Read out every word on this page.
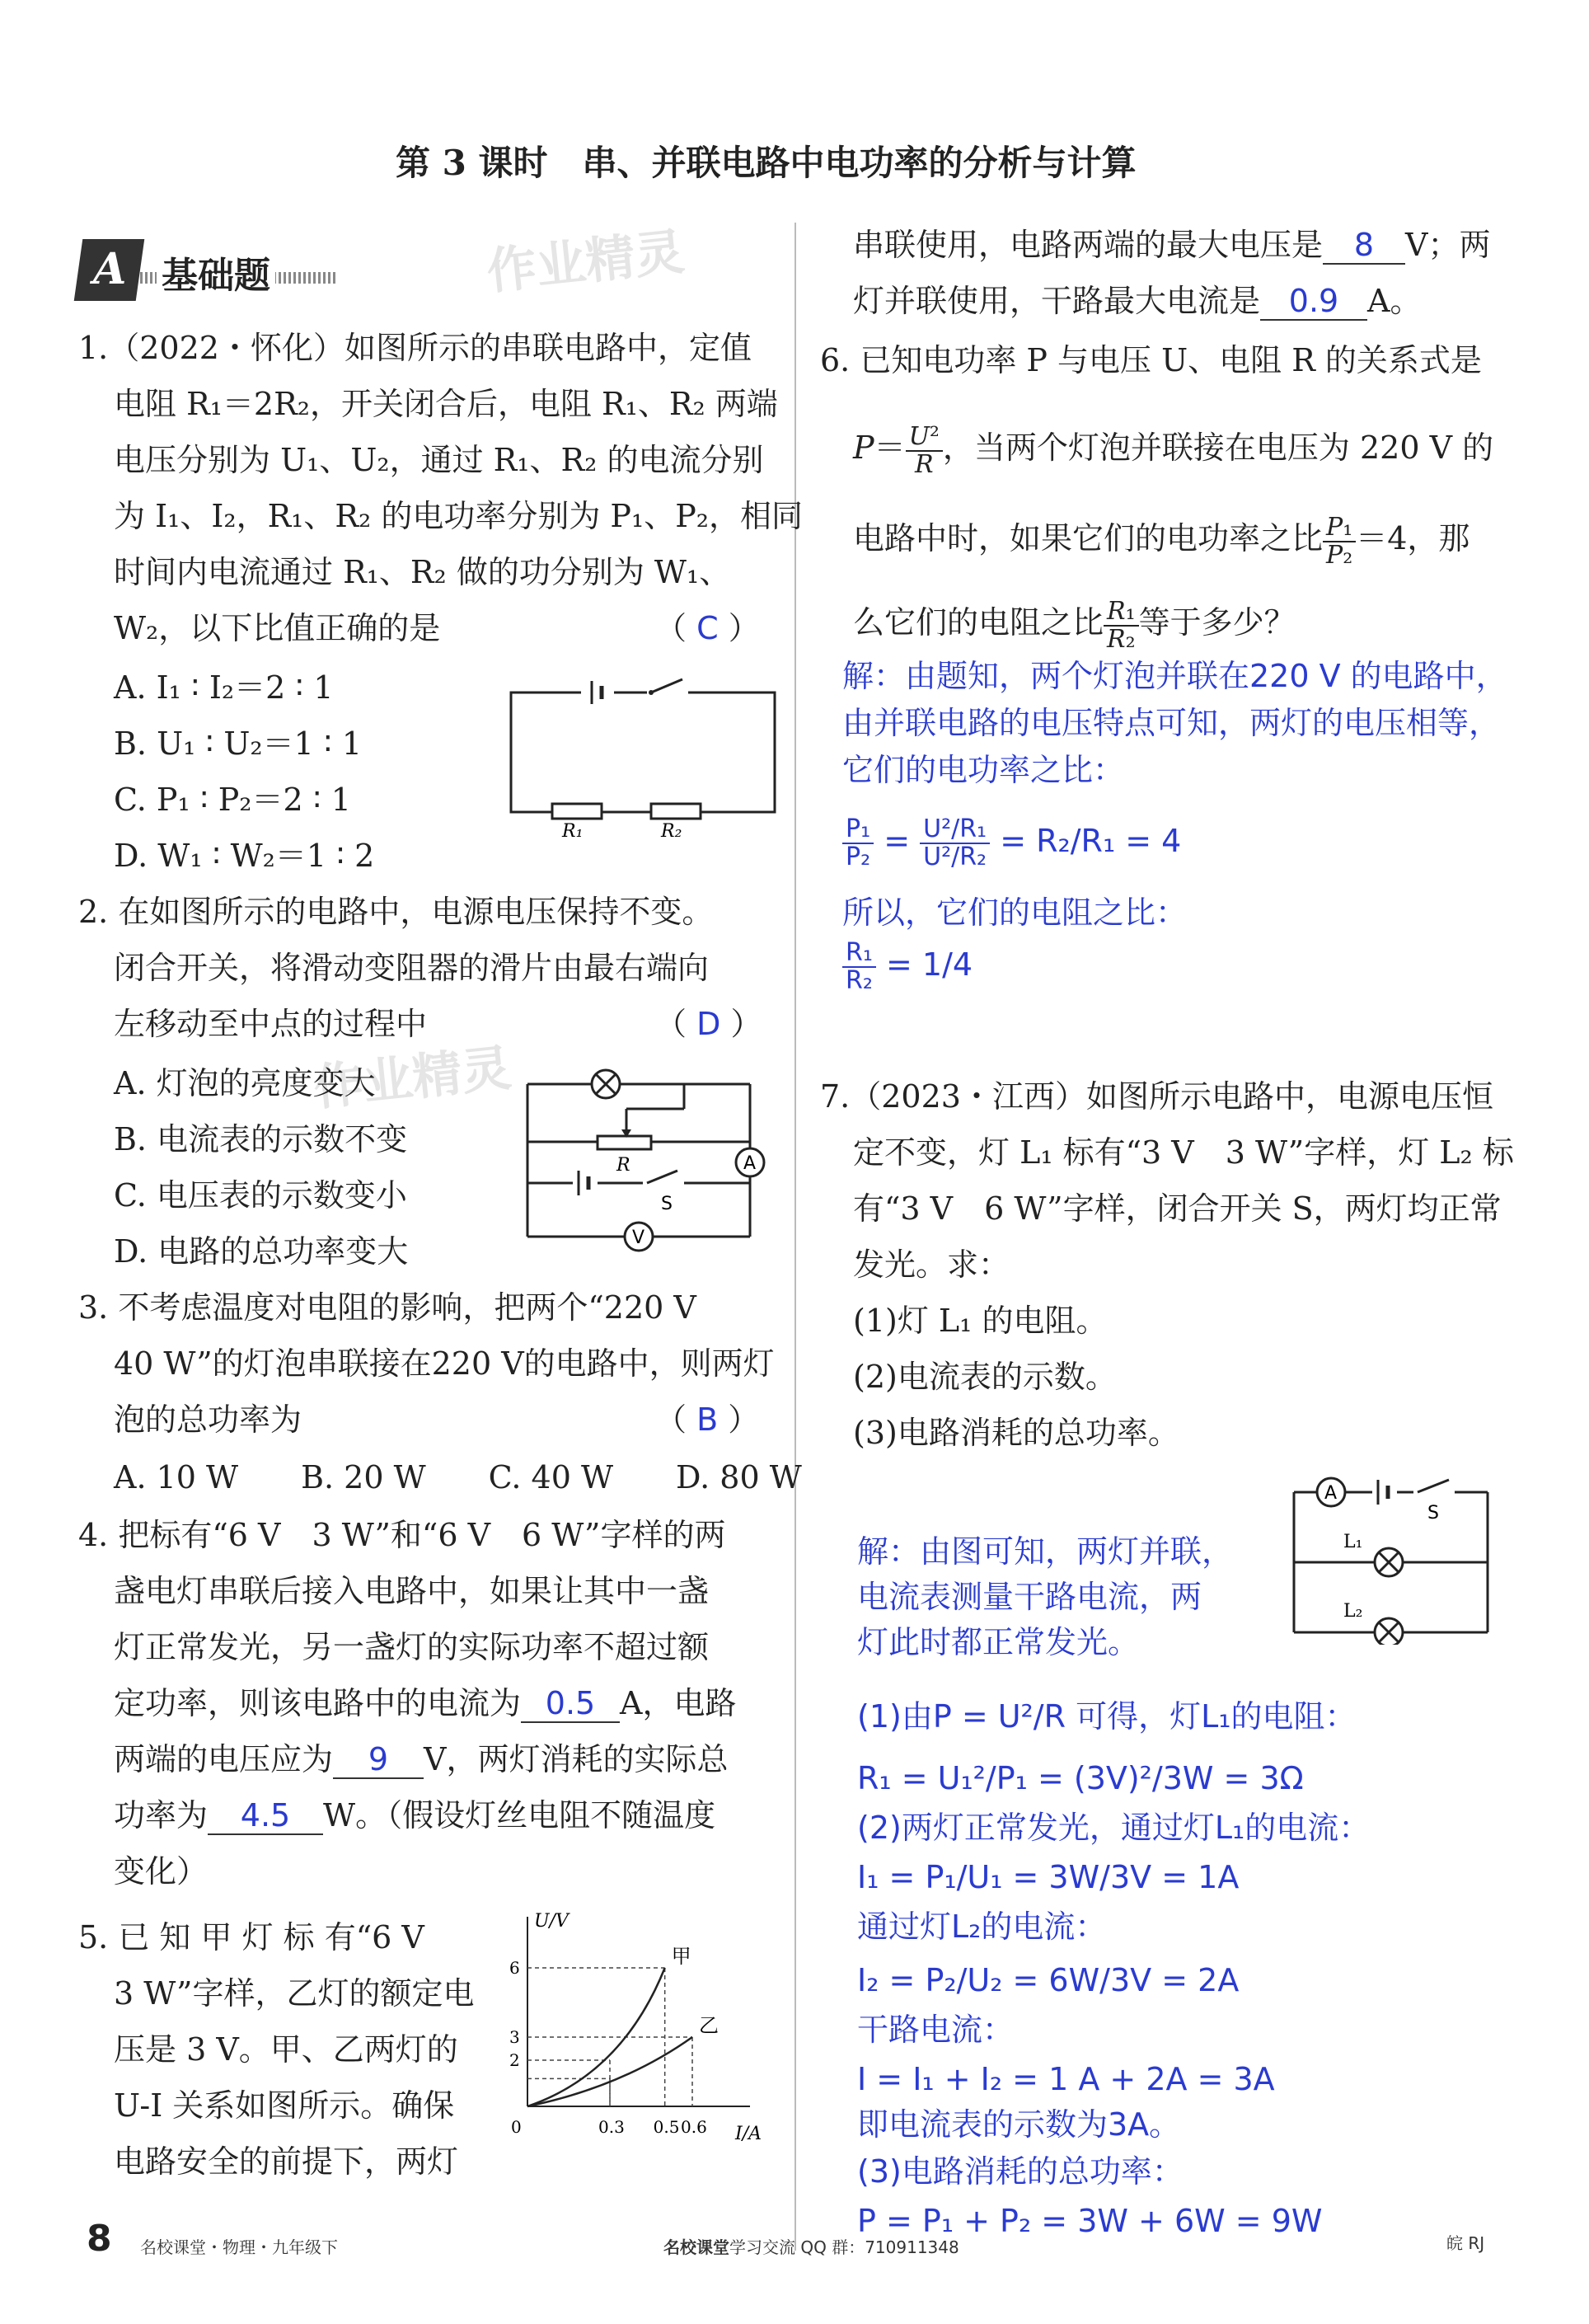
第 3 课时　串、并联电路中电功率的分析与计算
作业精灵
作业精灵
A 基础题
1.（2022・怀化）如图所示的串联电路中，定值
电阻 R₁＝2R₂，开关闭合后，电阻 R₁、R₂ 两端
电压分别为 U₁、U₂，通过 R₁、R₂ 的电流分别
为 I₁、I₂，R₁、R₂ 的电功率分别为 P₁、P₂，相同
时间内电流通过 R₁、R₂ 做的功分别为 W₁、
W₂，以下比值正确的是	（ C ）
A. I₁ ∶ I₂＝2 ∶ 1
B. U₁ ∶ U₂＝1 ∶ 1
C. P₁ ∶ P₂＝2 ∶ 1
D. W₁ ∶ W₂＝1 ∶ 2
R₁	R₂
2. 在如图所示的电路中，电源电压保持不变。
闭合开关，将滑动变阻器的滑片由最右端向
左移动至中点的过程中	（ D ）
A. 灯泡的亮度变大
B. 电流表的示数不变
C. 电压表的示数变小
D. 电路的总功率变大
R	A
S
V
3. 不考虑温度对电阻的影响，把两个“220 V
40 W”的灯泡串联接在220 V的电路中，则两灯
泡的总功率为	（ B ）
A. 10 W　　B. 20 W　　C. 40 W　　D. 80 W
4. 把标有“6 V　3 W”和“6 V　6 W”字样的两
盏电灯串联后接入电路中，如果让其中一盏
灯正常发光，另一盏灯的实际功率不超过额
定功率，则该电路中的电流为 0.5 A，电路
两端的电压应为 9 V，两灯消耗的实际总
功率为 4.5 W。（假设灯丝电阻不随温度
变化）
5. 已 知 甲 灯 标 有“6 V
3 W”字样，乙灯的额定电
压是 3 V。甲、乙两灯的
U-I 关系如图所示。确保
电路安全的前提下，两灯
U/V
I/A
6
3
2
0	0.3 0.5 0.6
甲
乙
串联使用，电路两端的最大电压是 8 V；两
灯并联使用，干路最大电流是 0.9 A。
6. 已知电功率 P 与电压 U、电阻 R 的关系式是
$P= \frac{\text{U²}}{R}$ ，当两个灯泡并联接在电压为 220 V 的
电路中时，如果它们的电功率之比 $\frac{\text{P₁}}{\text{P₂}} =4$，那
么它们的电阻之比 $\frac{\text{R₁}}{\text{R₂}}$ 等于多少？
解：由题知，两个灯泡并联在220 V 的电路中，
由并联电路的电压特点可知，两灯的电压相等，
它们的电功率之比：
$\frac{\text{P₁}}{\text{P₂}} = \frac{\text{U²/R₁}}{\text{U²/R₂}} = R_2/R_1 = 4$
所以，它们的电阻之比：
$\frac{\text{R₁}}{\text{R₂}} = 1/4$
7.（2023・江西）如图所示电路中，电源电压恒
定不变，灯 L₁ 标有“3 V　3 W”字样，灯 L₂ 标
有“3 V　6 W”字样，闭合开关 S，两灯均正常
发光。求：
(1)灯 L₁ 的电阻。
(2)电流表的示数。
(3)电路消耗的总功率。
A
S
L₁
L₂
解：由图可知，两灯并联，
电流表测量干路电流，两
灯此时都正常发光。
(1)由P = U²/R 可得，灯L₁的电阻：
R₁ = U₁²/P₁ = (3V)²/3W = 3Ω
(2)两灯正常发光，通过灯L₁的电流：
I₁ = P₁/U₁ = 3W/3V = 1A
通过灯L₂的电流：
I₂ = P₂/U₂ = 6W/3V = 2A
干路电流：
I = I₁ + I₂ = 1 A + 2A = 3A
即电流表的示数为3A。
(3)电路消耗的总功率：
P = P₁ + P₂ = 3W + 6W = 9W
8 名校课堂・物理・九年级下	名校课堂学习交流 QQ 群：710911348	皖 RJ
